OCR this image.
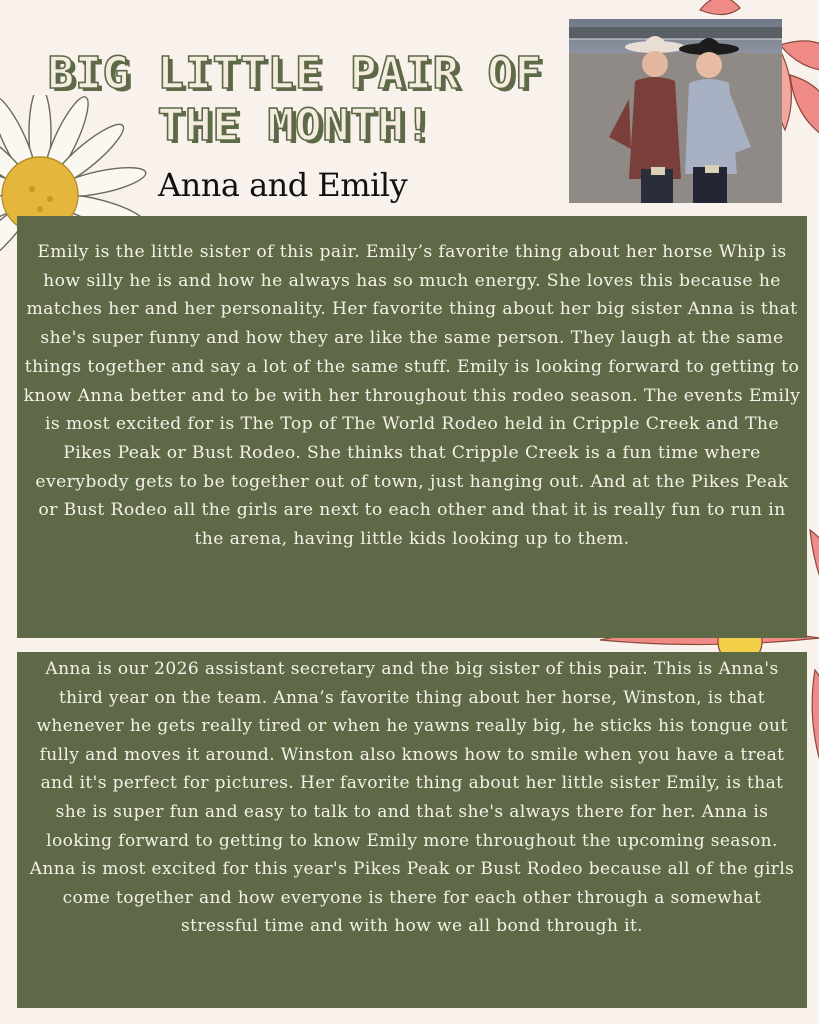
BIG LITTLE PAIR OF THE MONTH!
Anna and Emily
Emily is the little sister of this pair. Emily’s favorite thing about her horse Whip is how silly he is and how he always has so much energy. She loves this because he matches her and her personality. Her favorite thing about her big sister Anna is that she's super funny and how they are like the same person. They laugh at the same things together and say a lot of the same stuff. Emily is looking forward to getting to know Anna better and to be with her throughout this rodeo season. The events Emily is most excited for is The Top of The World Rodeo held in Cripple Creek and The Pikes Peak or Bust Rodeo. She thinks that Cripple Creek is a fun time where everybody gets to be together out of town, just hanging out. And at the Pikes Peak or Bust Rodeo all the girls are next to each other and that it is really fun to run in the arena, having little kids looking up to them.
Anna is our 2026 assistant secretary and the big sister of this pair. This is Anna's third year on the team. Anna’s favorite thing about her horse, Winston, is that whenever he gets really tired or when he yawns really big, he sticks his tongue out fully and moves it around. Winston also knows how to smile when you have a treat and it's perfect for pictures. Her favorite thing about her little sister Emily, is that she is super fun and easy to talk to and that she's always there for her. Anna is looking forward to getting to know Emily more throughout the upcoming season. Anna is most excited for this year's Pikes Peak or Bust Rodeo because all of the girls come together and how everyone is there for each other through a somewhat stressful time and with how we all bond through it.
